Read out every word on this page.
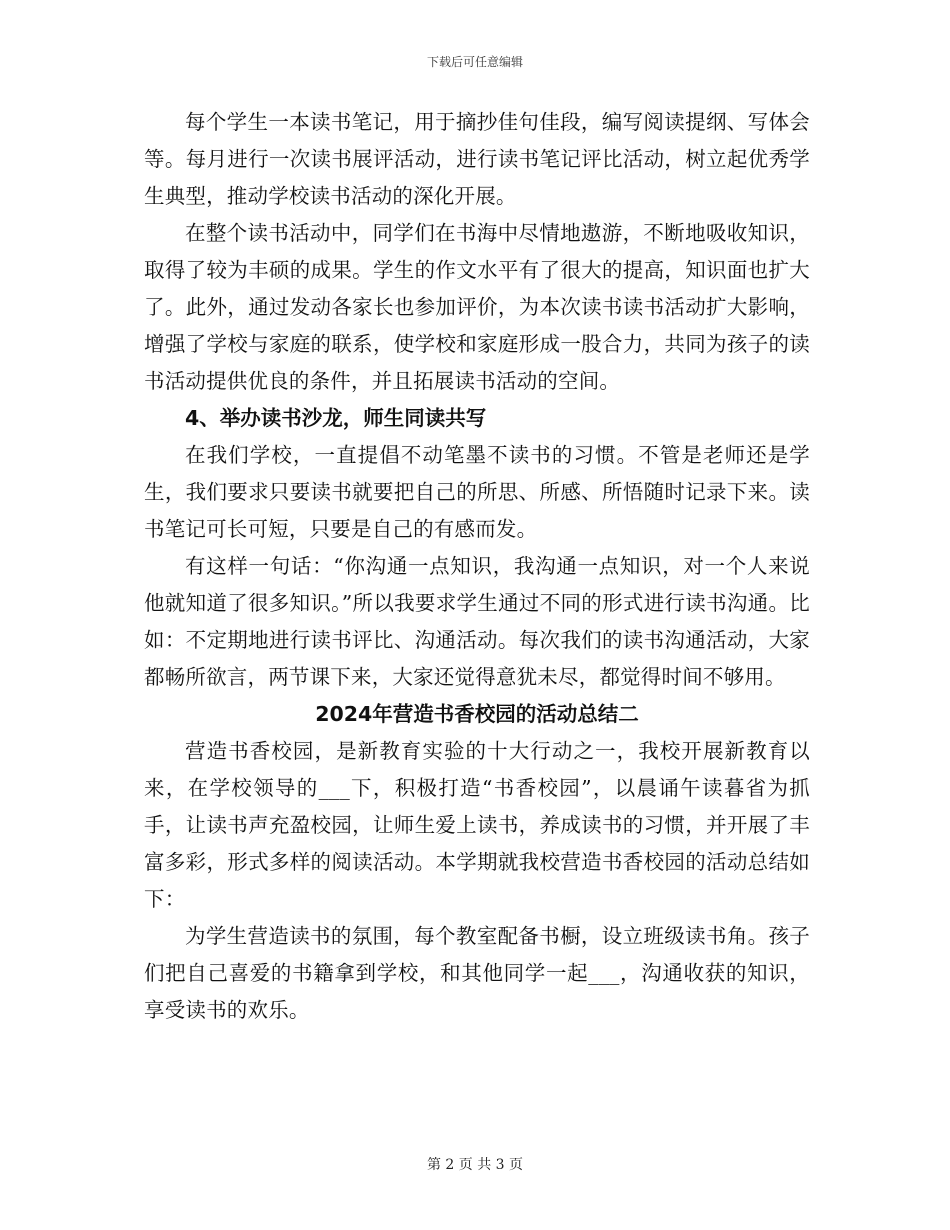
下载后可任意编辑

每个学生一本读书笔记，用于摘抄佳句佳段，编写阅读提纲、写体会等。每月进行一次读书展评活动，进行读书笔记评比活动，树立起优秀学生典型，推动学校读书活动的深化开展。

在整个读书活动中，同学们在书海中尽情地遨游，不断地吸收知识，取得了较为丰硕的成果。学生的作文水平有了很大的提高，知识面也扩大了。此外，通过发动各家长也参加评价，为本次读书读书活动扩大影响，增强了学校与家庭的联系，使学校和家庭形成一股合力，共同为孩子的读书活动提供优良的条件，并且拓展读书活动的空间。

4、举办读书沙龙，师生同读共写

在我们学校，一直提倡不动笔墨不读书的习惯。不管是老师还是学生，我们要求只要读书就要把自己的所思、所感、所悟随时记录下来。读书笔记可长可短，只要是自己的有感而发。

有这样一句话：“你沟通一点知识，我沟通一点知识，对一个人来说他就知道了很多知识。”所以我要求学生通过不同的形式进行读书沟通。比如：不定期地进行读书评比、沟通活动。每次我们的读书沟通活动，大家都畅所欲言，两节课下来，大家还觉得意犹未尽，都觉得时间不够用。

2024年营造书香校园的活动总结二

营造书香校园，是新教育实验的十大行动之一，我校开展新教育以来，在学校领导的___下，积极打造“书香校园”，以晨诵午读暮省为抓手，让读书声充盈校园，让师生爱上读书，养成读书的习惯，并开展了丰富多彩，形式多样的阅读活动。本学期就我校营造书香校园的活动总结如下：

为学生营造读书的氛围，每个教室配备书橱，设立班级读书角。孩子们把自己喜爱的书籍拿到学校，和其他同学一起___，沟通收获的知识，享受读书的欢乐。

第 2 页 共 3 页
